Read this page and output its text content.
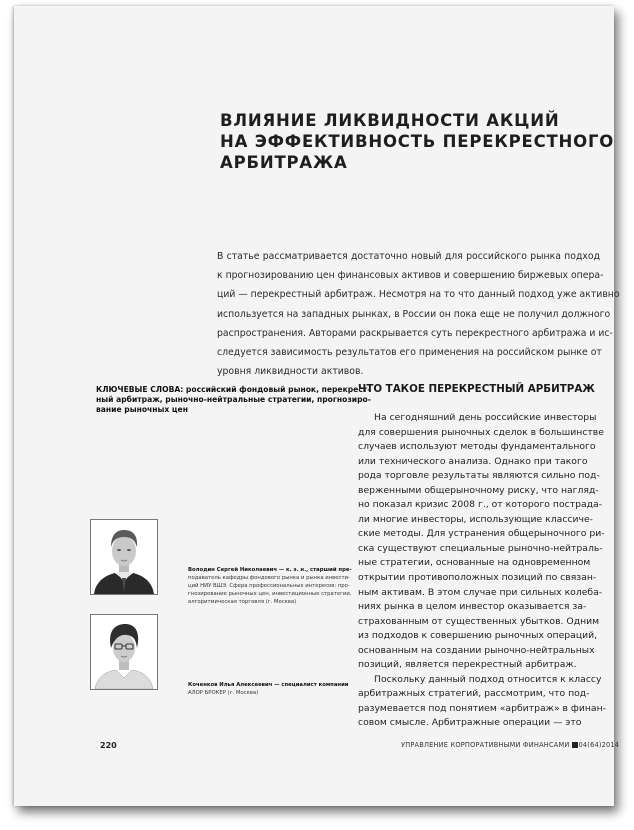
ВЛИЯНИЕ ЛИКВИДНОСТИ АКЦИЙ
НА ЭФФЕКТИВНОСТЬ ПЕРЕКРЕСТНОГО
АРБИТРАЖА
В статье рассматривается достаточно новый для российского рынка подход
к прогнозированию цен финансовых активов и совершению биржевых опера-
ций — перекрестный арбитраж. Несмотря на то что данный подход уже активно
используется на западных рынках, в России он пока еще не получил должного
распространения. Авторами раскрывается суть перекрестного арбитража и ис-
следуется зависимость результатов его применения на российском рынке от
уровня ликвидности активов.
КЛЮЧЕВЫЕ СЛОВА: российский фондовый рынок, перекрест-
ный арбитраж, рыночно-нейтральные стратегии, прогнозиро-
вание рыночных цен
Володин Сергей Николаевич — к. э. н., старший пре-
подаватель кафедры фондового рынка и рынка инвести-
ций НИУ ВШЭ. Сфера профессиональных интересов: про-
гнозирование рыночных цен, инвестиционные стратегии,
алгоритмическая торговля (г. Москва)
Коченков Илья Алексеевич — специалист компании
АЛОР БРОКЕР (г. Москва)
ЧТО ТАКОЕ ПЕРЕКРЕСТНЫЙ АРБИТРАЖ
На сегодняшний день российские инвесторы
для совершения рыночных сделок в большинстве
случаев используют методы фундаментального
или технического анализа. Однако при такого
рода торговле результаты являются сильно под-
верженными общерыночному риску, что нагляд-
но показал кризис 2008 г., от которого пострада-
ли многие инвесторы, использующие классиче-
ские методы. Для устранения общерыночного ри-
ска существуют специальные рыночно-нейтраль-
ные стратегии, основанные на одновременном
открытии противоположных позиций по связан-
ным активам. В этом случае при сильных колеба-
ниях рынка в целом инвестор оказывается за-
страхованным от существенных убытков. Одним
из подходов к совершению рыночных операций,
основанным на создании рыночно-нейтральных
позиций, является перекрестный арбитраж.
Поскольку данный подход относится к классу
арбитражных стратегий, рассмотрим, что под-
разумевается под понятием «арбитраж» в финан-
совом смысле. Арбитражные операции — это
220	УПРАВЛЕНИЕ КОРПОРАТИВНЫМИ ФИНАНСАМИ 04(64)2014
